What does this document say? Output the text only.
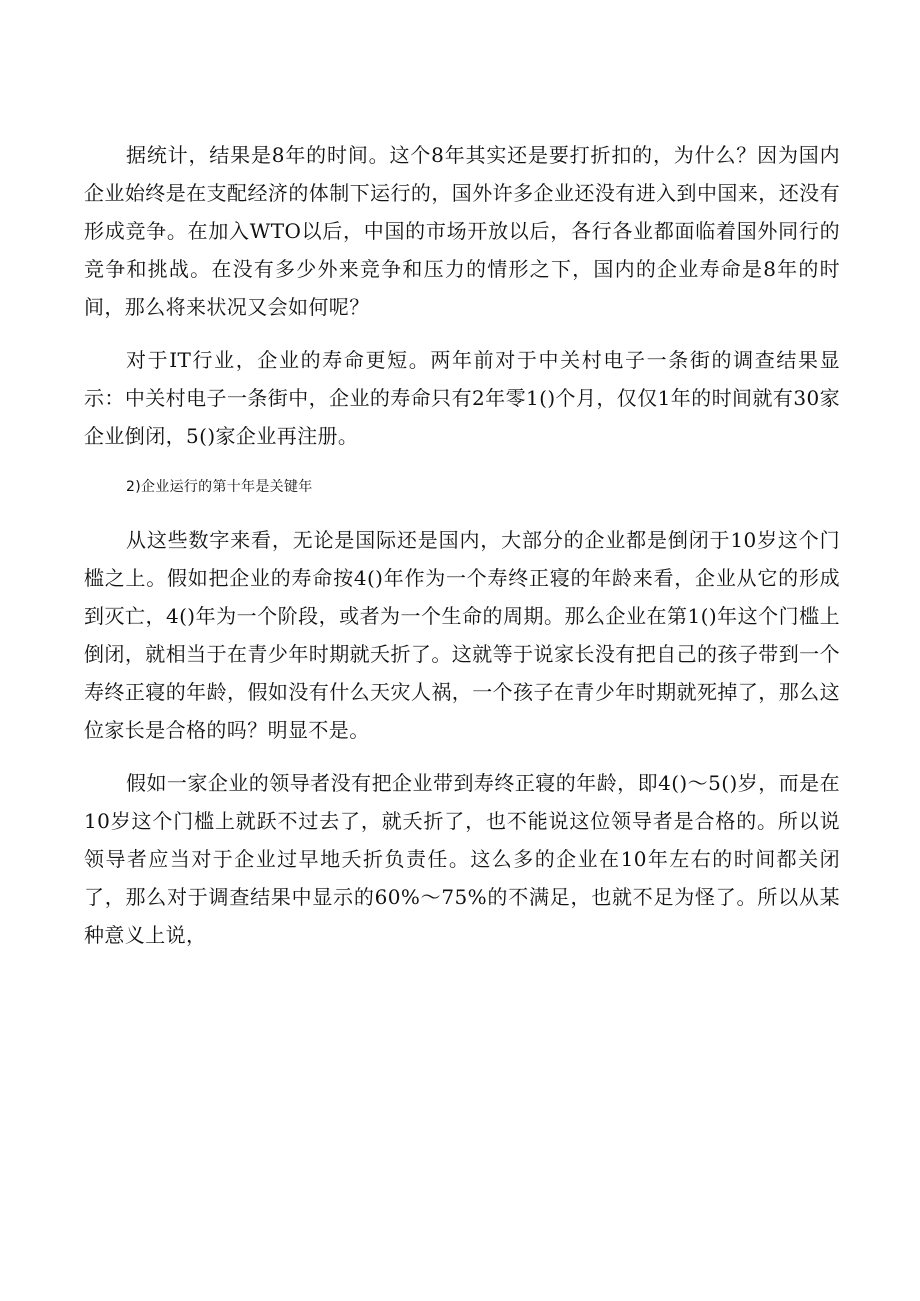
据统计，结果是8年的时间。这个8年其实还是要打折扣的，为什么？因为国内企业始终是在支配经济的体制下运行的，国外许多企业还没有进入到中国来，还没有形成竞争。在加入WTO以后，中国的市场开放以后，各行各业都面临着国外同行的竞争和挑战。在没有多少外来竞争和压力的情形之下，国内的企业寿命是8年的时间，那么将来状况又会如何呢？

对于IT行业，企业的寿命更短。两年前对于中关村电子一条街的调查结果显示：中关村电子一条街中，企业的寿命只有2年零1()个月，仅仅1年的时间就有30家企业倒闭，5()家企业再注册。

2)企业运行的第十年是关键年

从这些数字来看，无论是国际还是国内，大部分的企业都是倒闭于10岁这个门槛之上。假如把企业的寿命按4()年作为一个寿终正寝的年龄来看，企业从它的形成到灭亡，4()年为一个阶段，或者为一个生命的周期。那么企业在第1()年这个门槛上倒闭，就相当于在青少年时期就夭折了。这就等于说家长没有把自己的孩子带到一个寿终正寝的年龄，假如没有什么天灾人祸，一个孩子在青少年时期就死掉了，那么这位家长是合格的吗？明显不是。

假如一家企业的领导者没有把企业带到寿终正寝的年龄，即4()～5()岁，而是在10岁这个门槛上就跃不过去了，就夭折了，也不能说这位领导者是合格的。所以说领导者应当对于企业过早地夭折负责任。这么多的企业在10年左右的时间都关闭了，那么对于调查结果中显示的60%～75%的不满足，也就不足为怪了。所以从某种意义上说，
